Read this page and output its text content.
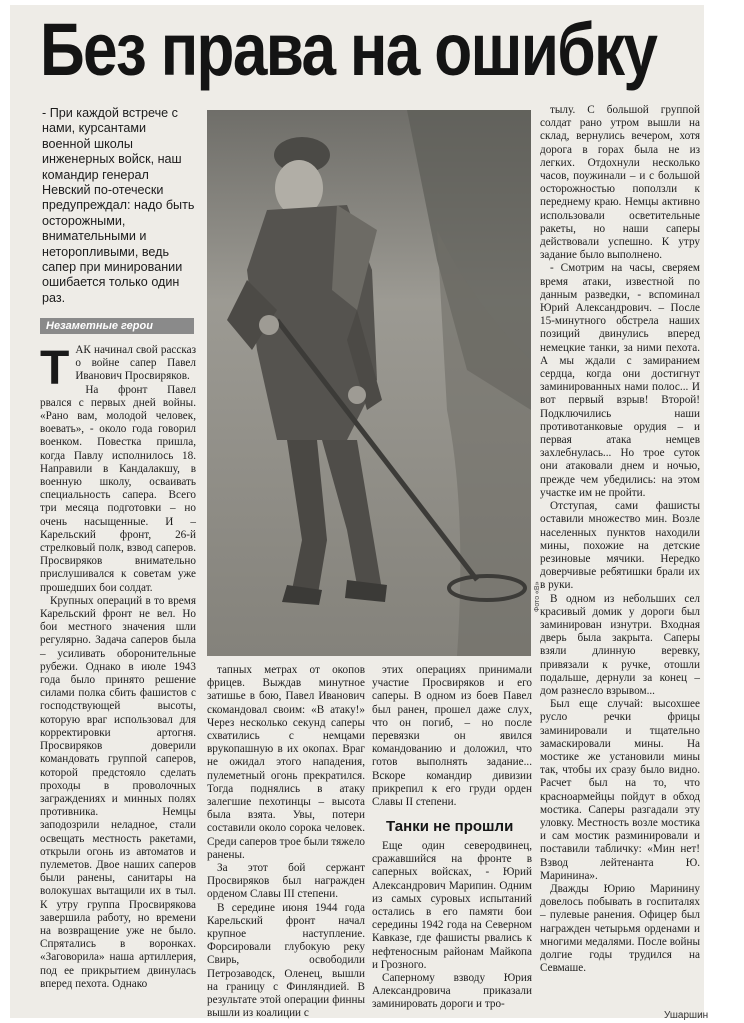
Без права на ошибку

- При каждой встрече с нами, курсантами военной школы инженерных войск, наш командир генерал Невский по-отечески предупреждал: надо быть осторожными, внимательными и неторопливыми, ведь сапер при минировании ошибается только один раз.

Незаметные герои
Т АК начинал свой рассказ о войне сапер Павел Иванович Просвиряков.

На фронт Павел рвался с первых дней войны. «Рано вам, молодой человек, воевать», - около года говорил военком. Повестка пришла, когда Павлу исполнилось 18. Направили в Кандалакшу, в военную школу, осваивать специальность сапера. Всего три месяца подготовки – но очень насыщенные. И – Карельский фронт, 26-й стрелковый полк, взвод саперов. Просвиряков внимательно прислушивался к советам уже прошедших бои солдат.

Крупных операций в то время Карельский фронт не вел. Но бои местного значения шли регулярно. Задача саперов была – усиливать оборонительные рубежи. Однако в июле 1943 года было принято решение силами полка сбить фашистов с господствующей высоты, которую враг использовал для корректировки артогня. Просвиряков доверили командовать группой саперов, которой предстояло сделать проходы в проволочных заграждениях и минных полях противника. Немцы заподозрили неладное, стали освещать местность ракетами, открыли огонь из автоматов и пулеметов. Двое наших саперов были ранены, санитары на волокушах вытащили их в тыл. К утру группа Просвирякова завершила работу, но времени на возвращение уже не было. Спрятались в воронках. «Заговорила» наша артиллерия, под ее прикрытием двинулась вперед пехота. Однако

Фото «В»

тапных метрах от окопов фрицев. Выждав минутное затишье в бою, Павел Иванович скомандовал своим: «В атаку!» Через несколько секунд саперы схватились с немцами врукопашную в их окопах. Враг не ожидал этого нападения, пулеметный огонь прекратился. Тогда поднялись в атаку залегшие пехотинцы – высота была взята. Увы, потери составили около сорока человек. Среди саперов трое были тяжело ранены.

За этот бой сержант Просвиряков был награжден орденом Славы III степени.

В середине июня 1944 года Карельский фронт начал крупное наступление. Форсировали глубокую реку Свирь, освободили Петрозаводск, Оленец, вышли на границу с Финляндией. В результате этой операции финны вышли из коалиции с

этих операциях принимали участие Просвиряков и его саперы. В одном из боев Павел был ранен, прошел даже слух, что он погиб, – но после перевязки он явился командованию и доложил, что готов выполнять задание... Вскоре командир дивизии прикрепил к его груди орден Славы II степени.

Танки не прошли

Еще один северодвинец, сражавшийся на фронте в саперных войсках, - Юрий Александрович Марипин. Одним из самых суровых испытаний остались в его памяти бои середины 1942 года на Северном Кавказе, где фашисты рвались к нефтеносным районам Майкопа и Грозного.

Саперному взводу Юрия Александровича приказали заминировать дороги и тро-

тылу. С большой группой солдат рано утром вышли на склад, вернулись вечером, хотя дорога в горах была не из легких. Отдохнули несколько часов, поужинали – и с большой осторожностью поползли к переднему краю. Немцы активно использовали осветительные ракеты, но наши саперы действовали успешно. К утру задание было выполнено.

- Смотрим на часы, сверяем время атаки, известной по данным разведки, - вспоминал Юрий Александрович. – После 15-минутного обстрела наших позиций двинулись вперед немецкие танки, за ними пехота. А мы ждали с замиранием сердца, когда они достигнут заминированных нами полос... И вот первый взрыв! Второй! Подключились наши противотанковые орудия – и первая атака немцев захлебнулась... Но трое суток они атаковали днем и ночью, прежде чем убедились: на этом участке им не пройти.

Отступая, сами фашисты оставили множество мин. Возле населенных пунктов находили мины, похожие на детские резиновые мячики. Нередко доверчивые ребятишки брали их в руки.

В одном из небольших сел красивый домик у дороги был заминирован изнутри. Входная дверь была закрыта. Саперы взяли длинную веревку, привязали к ручке, отошли подальше, дернули за конец – дом разнесло взрывом...

Был еще случай: высохшее русло речки фрицы заминировали и тщательно замаскировали мины. На мостике же установили мины так, чтобы их сразу было видно. Расчет был на то, что красноармейцы пойдут в обход мостика. Саперы разгадали эту уловку. Местность возле мостика и сам мостик разминировали и поставили табличку: «Мин нет! Взвод лейтенанта Ю. Маринина».

Дважды Юрию Маринину довелось побывать в госпиталях – пулевые ранения. Офицер был награжден четырьмя орденами и многими медалями. После войны долгие годы трудился на Севмаше.

Ушаршин
